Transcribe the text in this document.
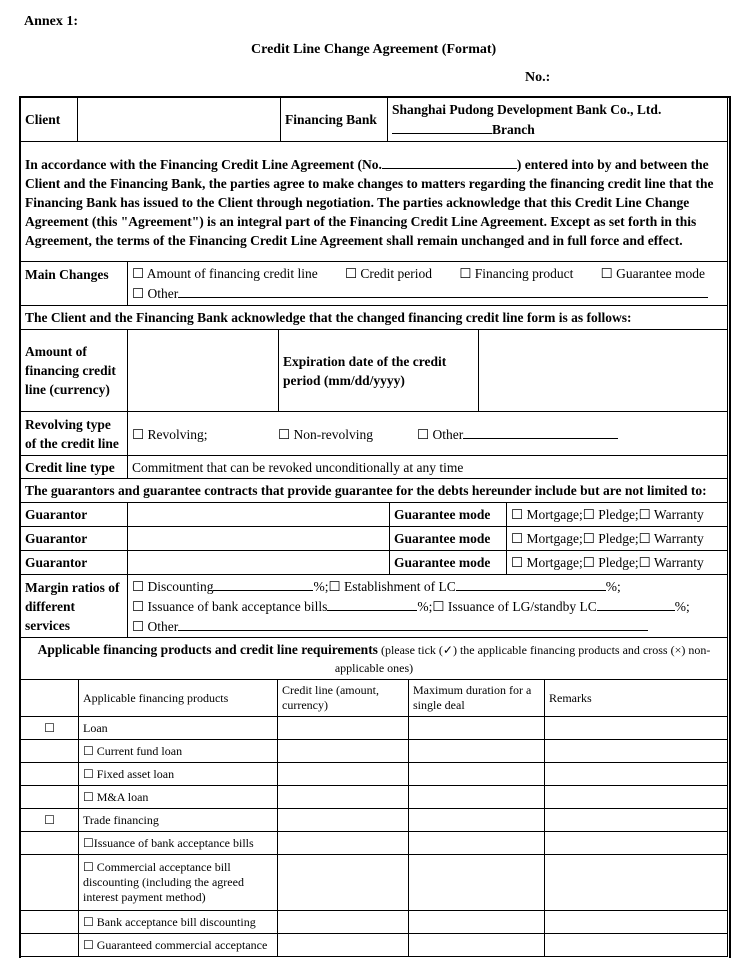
Annex 1:
Credit Line Change Agreement (Format)
No.:
Client		Financing Bank	Shanghai Pudong Development Bank Co., Ltd.
Branch
In accordance with the Financing Credit Line Agreement (No.	) entered into by and between the Client and the Financing Bank, the parties agree to make changes to matters regarding the financing credit line that the Financing Bank has issued to the Client through negotiation. The parties acknowledge that this Credit Line Change Agreement (this "Agreement") is an integral part of the Financing Credit Line Agreement. Except as set forth in this Agreement, the terms of the Financing Credit Line Agreement shall remain unchanged and in full force and effect.
Main Changes	☐ Amount of financing credit line ☐ Credit period ☐ Financing product ☐ Guarantee mode
☐ Other
The Client and the Financing Bank acknowledge that the changed financing credit line form is as follows:
Amount of financing credit line (currency)		Expiration date of the credit period (mm/dd/yyyy)	
Revolving type of the credit line	☐ Revolving; ☐ Non-revolving ☐ Other
Credit line type	Commitment that can be revoked unconditionally at any time
The guarantors and guarantee contracts that provide guarantee for the debts hereunder include but are not limited to:	
Guarantor		Guarantee mode	☐ Mortgage;☐ Pledge;☐ Warranty
Guarantor		Guarantee mode	☐ Mortgage;☐ Pledge;☐ Warranty
Guarantor		Guarantee mode	☐ Mortgage;☐ Pledge;☐ Warranty
Margin ratios of different services	☐ Discounting	%;☐ Establishment of LC	%;
☐ Issuance of bank acceptance bills	%;☐ Issuance of LG/standby LC	%;
☐ Other
Applicable financing products and credit line requirements (please tick (✓) the applicable financing products and cross (×) non-applicable ones)
	Applicable financing products	Credit line (amount, currency)	Maximum duration for a single deal	Remarks
☐	Loan			
	☐ Current fund loan			
	☐ Fixed asset loan			
	☐ M&A loan			
☐	Trade financing			
	☐Issuance of bank acceptance bills			
	☐ Commercial acceptance bill discounting (including the agreed interest payment method)			
	☐ Bank acceptance bill discounting			
	☐ Guaranteed commercial acceptance			
